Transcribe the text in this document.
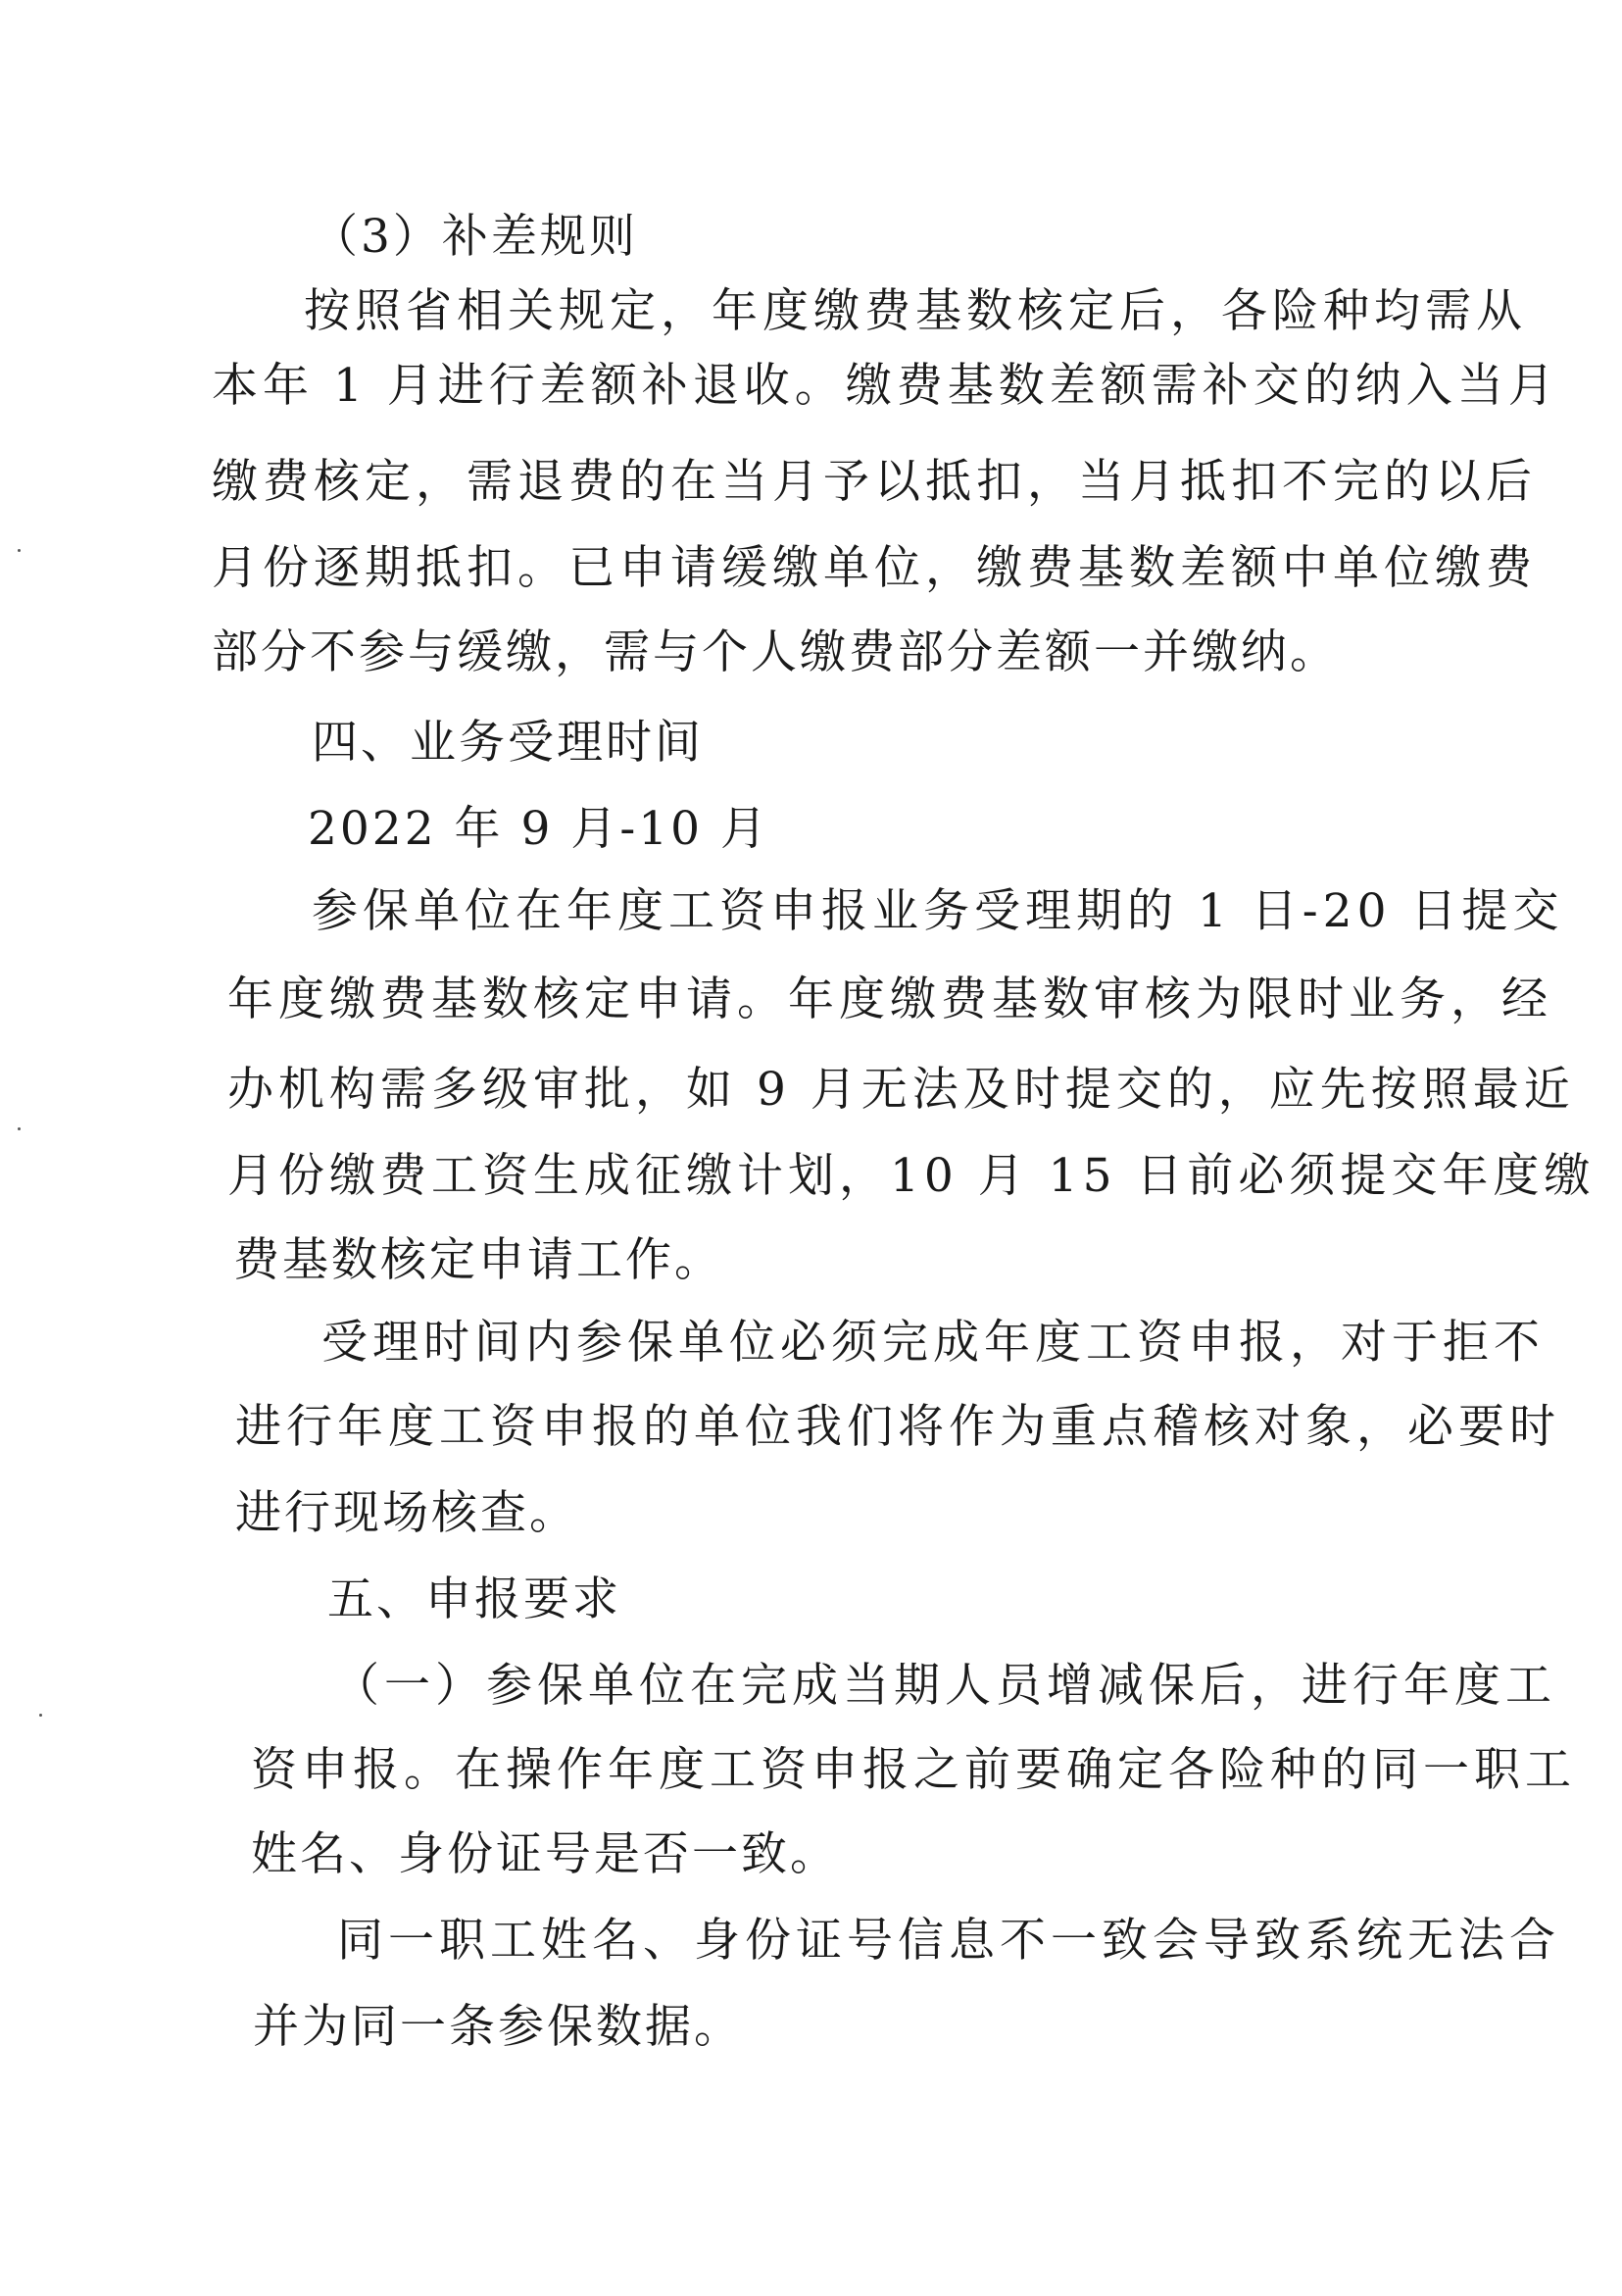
（3）补差规则
按照省相关规定，年度缴费基数核定后，各险种均需从
本年 1 月进行差额补退收。缴费基数差额需补交的纳入当月
缴费核定，需退费的在当月予以抵扣，当月抵扣不完的以后
月份逐期抵扣。已申请缓缴单位，缴费基数差额中单位缴费
部分不参与缓缴，需与个人缴费部分差额一并缴纳。
四、业务受理时间
2022 年 9 月-10 月
参保单位在年度工资申报业务受理期的 1 日-20 日提交
年度缴费基数核定申请。年度缴费基数审核为限时业务，经
办机构需多级审批，如 9 月无法及时提交的，应先按照最近
月份缴费工资生成征缴计划，10 月 15 日前必须提交年度缴
费基数核定申请工作。
受理时间内参保单位必须完成年度工资申报，对于拒不
进行年度工资申报的单位我们将作为重点稽核对象，必要时
进行现场核查。
五、申报要求
（一）参保单位在完成当期人员增减保后，进行年度工
资申报。在操作年度工资申报之前要确定各险种的同一职工
姓名、身份证号是否一致。
同一职工姓名、身份证号信息不一致会导致系统无法合
并为同一条参保数据。
